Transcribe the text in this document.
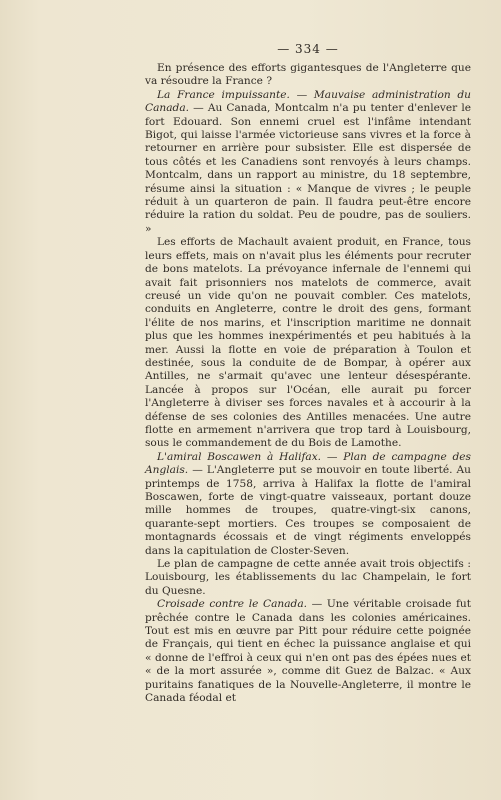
— 334 —

En présence des efforts gigantesques de l'Angleterre que va résoudre la France ?

La France impuissante. — Mauvaise administration du Canada. — Au Canada, Montcalm n'a pu tenter d'enlever le fort Edouard. Son ennemi cruel est l'infâme intendant Bigot, qui laisse l'armée victorieuse sans vivres et la force à retourner en arrière pour subsister. Elle est dispersée de tous côtés et les Canadiens sont renvoyés à leurs champs. Montcalm, dans un rapport au ministre, du 18 septembre, résume ainsi la situation : « Manque de vivres ; le peuple réduit à un quarteron de pain. Il faudra peut-être encore réduire la ration du soldat. Peu de poudre, pas de souliers. »

Les efforts de Machault avaient produit, en France, tous leurs effets, mais on n'avait plus les éléments pour recruter de bons matelots. La prévoyance infernale de l'ennemi qui avait fait prisonniers nos matelots de commerce, avait creusé un vide qu'on ne pouvait combler. Ces matelots, conduits en Angleterre, contre le droit des gens, formant l'élite de nos marins, et l'inscription maritime ne donnait plus que les hommes inexpérimentés et peu habitués à la mer. Aussi la flotte en voie de préparation à Toulon et destinée, sous la conduite de de Bompar, à opérer aux Antilles, ne s'armait qu'avec une lenteur désespérante. Lancée à propos sur l'Océan, elle aurait pu forcer l'Angleterre à diviser ses forces navales et à accourir à la défense de ses colonies des Antilles menacées. Une autre flotte en armement n'arrivera que trop tard à Louisbourg, sous le commandement de du Bois de Lamothe.

L'amiral Boscawen à Halifax. — Plan de campagne des Anglais. — L'Angleterre put se mouvoir en toute liberté. Au printemps de 1758, arriva à Halifax la flotte de l'amiral Boscawen, forte de vingt-quatre vaisseaux, portant douze mille hommes de troupes, quatre-vingt-six canons, quarante-sept mortiers. Ces troupes se composaient de montagnards écossais et de vingt régiments enveloppés dans la capitulation de Closter-Seven.

Le plan de campagne de cette année avait trois objectifs : Louisbourg, les établissements du lac Champelain, le fort du Quesne.

Croisade contre le Canada. — Une véritable croisade fut prêchée contre le Canada dans les colonies américaines. Tout est mis en œuvre par Pitt pour réduire cette poignée de Français, qui tient en échec la puissance anglaise et qui « donne de l'effroi à ceux qui n'en ont pas des épées nues et « de la mort assurée », comme dit Guez de Balzac. « Aux puritains fanatiques de la Nouvelle-Angleterre, il montre le Canada féodal et
